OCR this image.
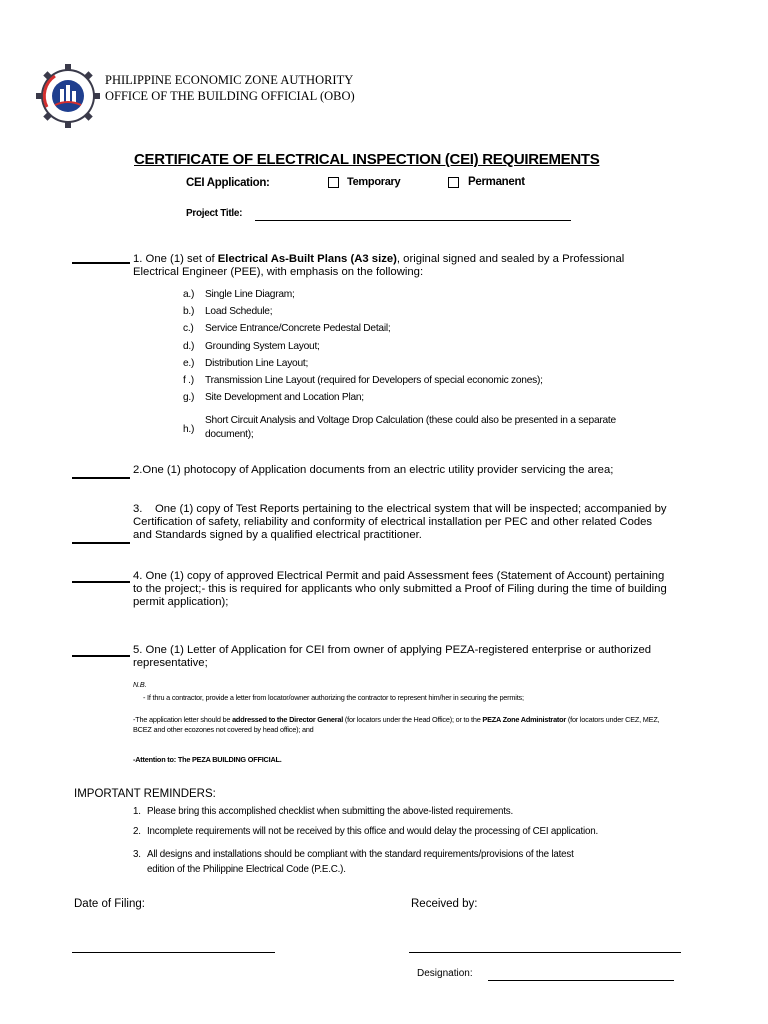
PHILIPPINE ECONOMIC ZONE AUTHORITY
OFFICE OF THE BUILDING OFFICIAL (OBO)
CERTIFICATE OF ELECTRICAL INSPECTION (CEI) REQUIREMENTS
CEI Application:	Temporary	Permanent
Project Title:
1. One (1) set of Electrical As-Built Plans (A3 size), original signed and sealed by a Professional Electrical Engineer (PEE), with emphasis on the following:
a.) Single Line Diagram;
b.) Load Schedule;
c.) Service Entrance/Concrete Pedestal Detail;
d.) Grounding System Layout;
e.) Distribution Line Layout;
f .) Transmission Line Layout (required for Developers of special economic zones);
g.) Site Development and Location Plan;
h.)
Short Circuit Analysis and Voltage Drop Calculation (these could also be presented in a separate document);
2.One (1) photocopy of Application documents from an electric utility provider servicing the area;
3.    One (1) copy of Test Reports pertaining to the electrical system that will be inspected; accompanied by Certification of safety, reliability and conformity of electrical installation per PEC and other related Codes and Standards signed by a qualified electrical practitioner.
4. One (1) copy of approved Electrical Permit and paid Assessment fees (Statement of Account) pertaining to the project;- this is required for applicants who only submitted a Proof of Filing during the time of building permit application);
5. One (1) Letter of Application for CEI from owner of applying PEZA-registered enterprise or authorized representative;
N.B.
- If thru a contractor, provide a letter from locator/owner authorizing the contractor to represent him/her in securing the permits;
-The application letter should be addressed to the Director General (for locators under the Head Office); or to the PEZA Zone Administrator (for locators under CEZ, MEZ, BCEZ and other ecozones not covered by head office); and
-Attention to: The PEZA BUILDING OFFICIAL.
IMPORTANT REMINDERS:
1. Please bring this accomplished checklist when submitting the above-listed requirements.
2. Incomplete requirements will not be received by this office and would delay the processing of CEI application.
3. All designs and installations should be compliant with the standard requirements/provisions of the latest
edition of the Philippine Electrical Code (P.E.C.).
Date of Filing:	Received by:
Designation:
